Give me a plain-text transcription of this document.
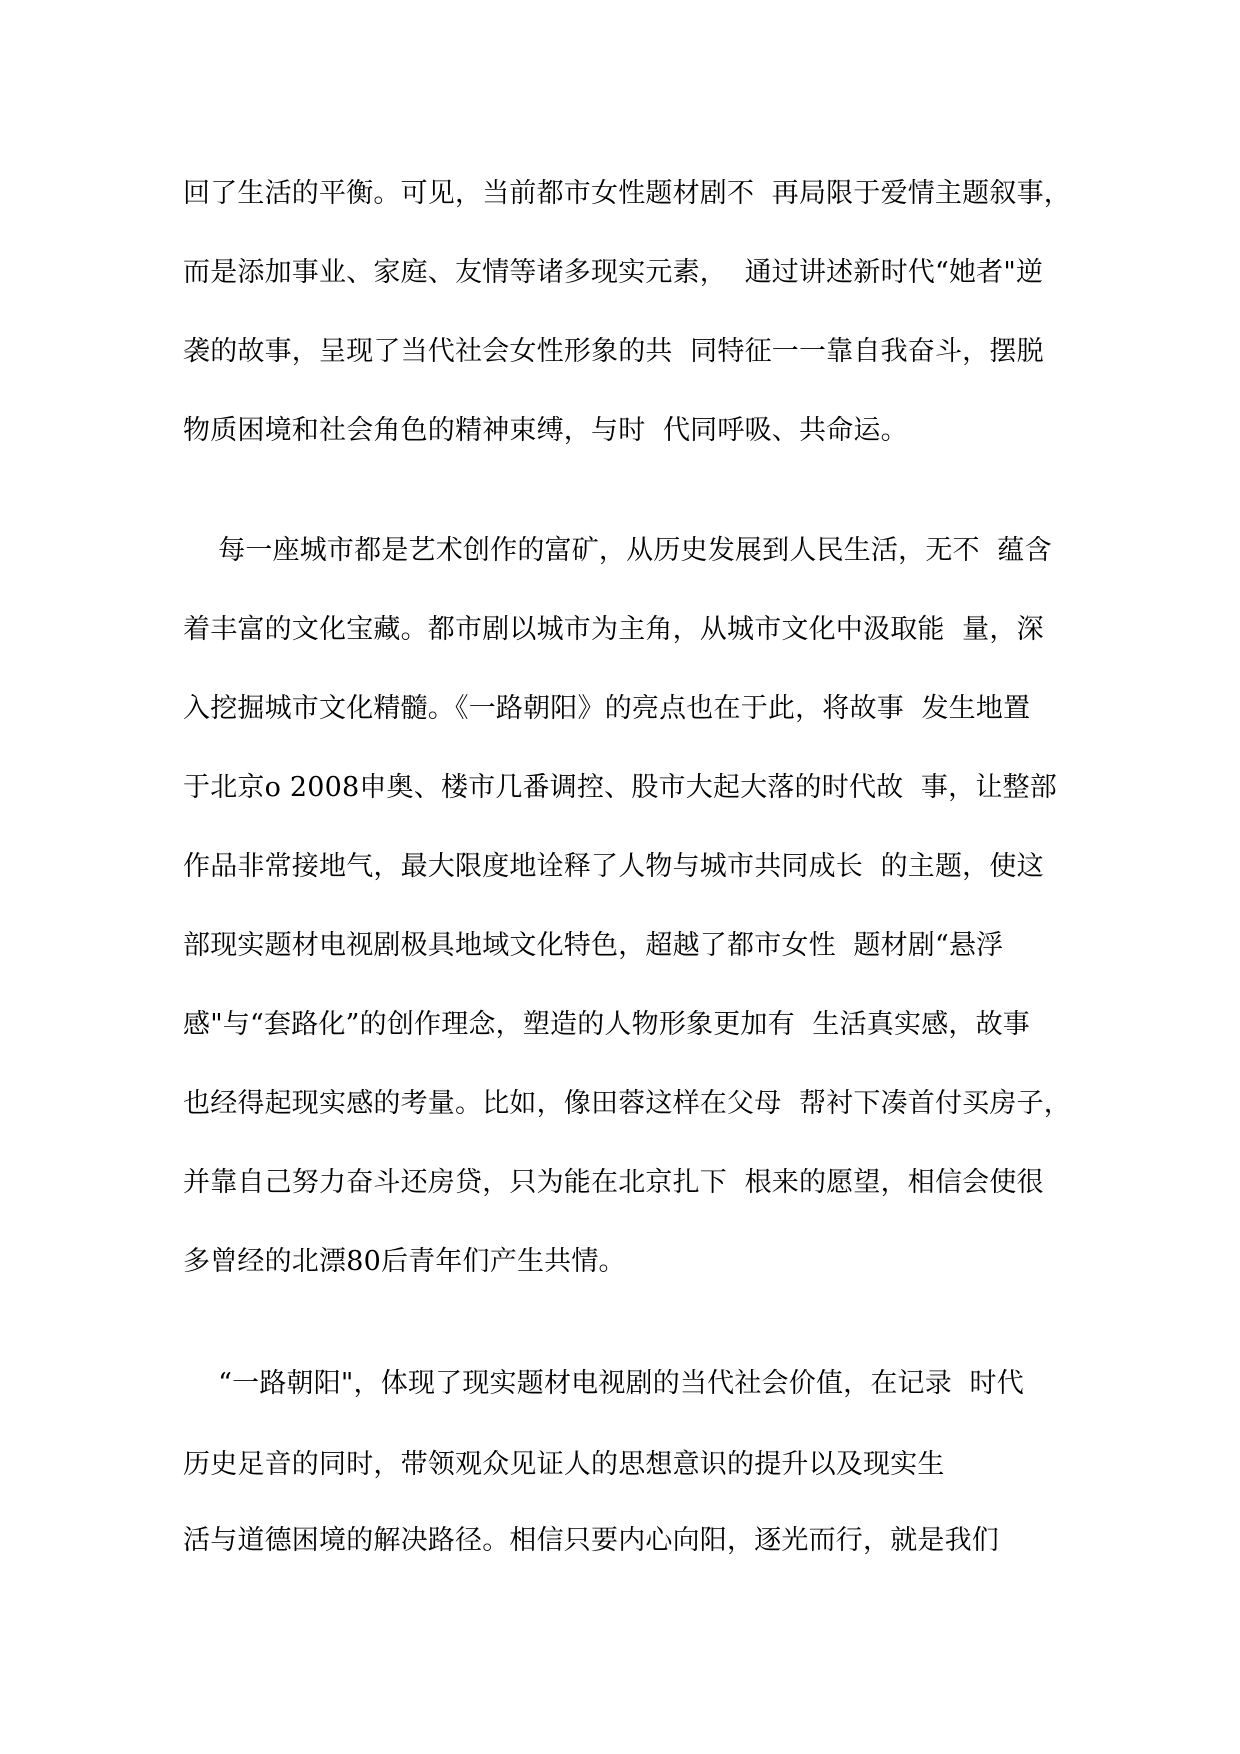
回了生活的平衡。可见，当前都市女性题材剧不  再局限于爱情主题叙事，
而是添加事业、家庭、友情等诸多现实元素，  通过讲述新时代“她者"逆
袭的故事，呈现了当代社会女性形象的共  同特征一一靠自我奋斗，摆脱
物质困境和社会角色的精神束缚，与时  代同呼吸、共命运。
每一座城市都是艺术创作的富矿，从历史发展到人民生活，无不  蕴含
着丰富的文化宝藏。都市剧以城市为主角，从城市文化中汲取能  量，深
入挖掘城市文化精髓。《一路朝阳》的亮点也在于此，将故事  发生地置
于北京o 2008申奥、楼市几番调控、股市大起大落的时代故  事，让整部
作品非常接地气，最大限度地诠释了人物与城市共同成长  的主题，使这
部现实题材电视剧极具地域文化特色，超越了都市女性  题材剧“悬浮
感"与“套路化”的创作理念，塑造的人物形象更加有  生活真实感，故事
也经得起现实感的考量。比如，像田蓉这样在父母  帮衬下凑首付买房子，
并靠自己努力奋斗还房贷，只为能在北京扎下  根来的愿望，相信会使很
多曾经的北漂80后青年们产生共情。
“一路朝阳"，体现了现实题材电视剧的当代社会价值，在记录  时代
历史足音的同时，带领观众见证人的思想意识的提升以及现实生
活与道德困境的解决路径。相信只要内心向阳，逐光而行，就是我们
